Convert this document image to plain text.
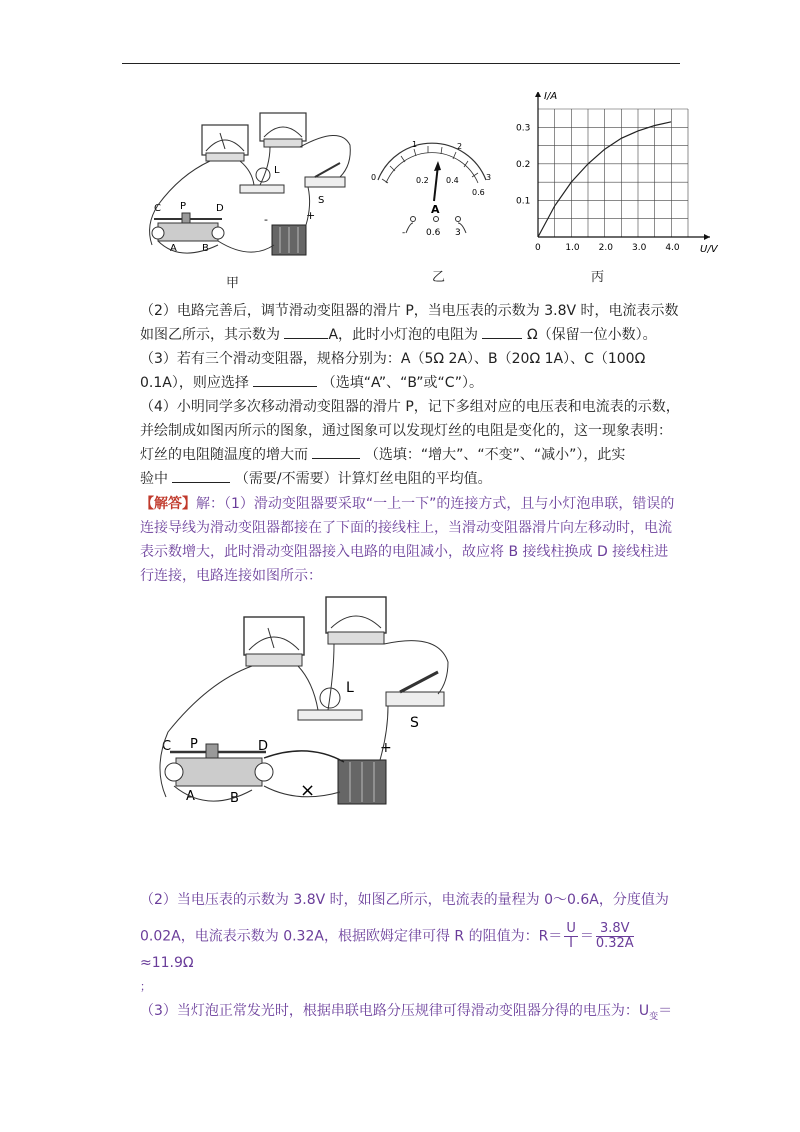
L
S
C P	D
A	B
-	+
甲
0
1	2
3
0.2 0.4
0.6
A
- 0.6 3
乙
0	1.0 2.0 3.0 4.0
0.1
0.2
0.3
I/A
U/V
丙

（2）电路完善后，调节滑动变阻器的滑片 P，当电压表的示数为 3.8V 时，电流表示数

如图乙所示，其示数为	A，此时小灯泡的电阻为	Ω（保留一位小数）。

（3）若有三个滑动变阻器，规格分别为：A（5Ω 2A）、B（20Ω 1A）、C（100Ω

0.1A），则应选择	（选填“A”、“B”或“C”）。

（4）小明同学多次移动滑动变阻器的滑片 P，记下多组对应的电压表和电流表的示数，

并绘制成如图丙所示的图象，通过图象可以发现灯丝的电阻是变化的，这一现象表明：

灯丝的电阻随温度的增大而	（选填：“增大”、“不变”、“减小”），此实

验中	（需要/不需要）计算灯丝电阻的平均值。

【解答】解：（1）滑动变阻器要采取“一上一下”的连接方式，且与小灯泡串联，错误的连接导线为滑动变阻器都接在了下面的接线柱上，当滑动变阻器滑片向左移动时，电流表示数增大，此时滑动变阻器接入电路的电阻减小，故应将 B 接线柱换成 D 接线柱进行连接，电路连接如图所示：

L
S
C P	D
A	B
+
×

（2）当电压表的示数为 3.8V 时，如图乙所示，电流表的量程为 0～0.6A，分度值为

0.02A，电流表示数为 0.32A，根据欧姆定律可得 R 的阻值为：$R= \frac{U}{I} = \frac{3.8V}{0.32A}$
≈11.9Ω

；

（3）当灯泡正常发光时，根据串联电路分压规律可得滑动变阻器分得的电压为：$U_变=$
